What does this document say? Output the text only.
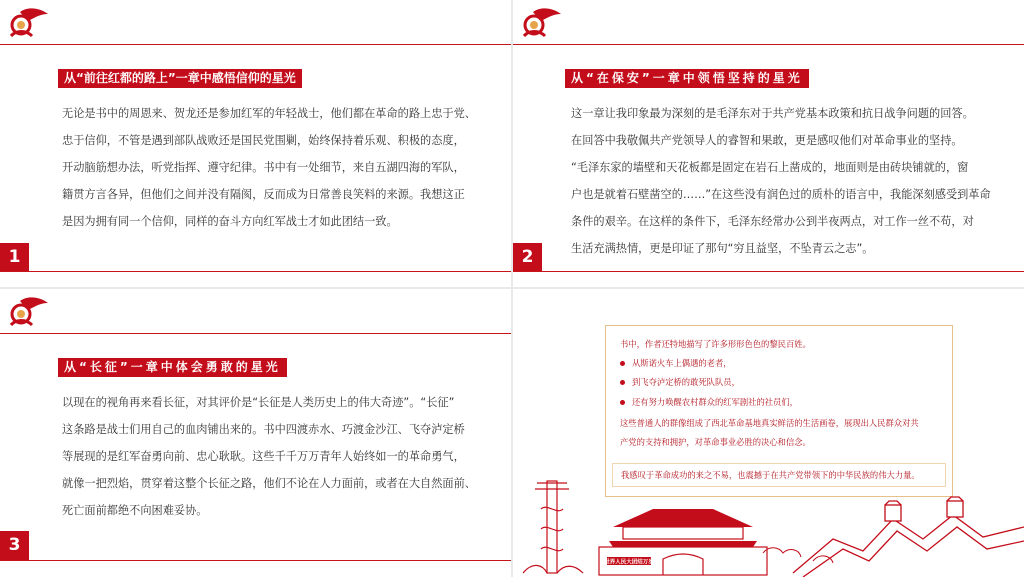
从“前往红都的路上”一章中感悟信仰的星光

无论是书中的周恩来、贺龙还是参加红军的年轻战士，他们都在革命的路上忠于党、

忠于信仰，不管是遇到部队战败还是国民党围剿，始终保持着乐观、积极的态度，

开动脑筋想办法，听党指挥、遵守纪律。书中有一处细节，来自五湖四海的军队，

籍贯方言各异，但他们之间并没有隔阂，反而成为日常善良笑料的来源。我想这正

是因为拥有同一个信仰，同样的奋斗方向红军战士才如此团结一致。

1
从“在保安”一章中领悟坚持的星光

这一章让我印象最为深刻的是毛泽东对于共产党基本政策和抗日战争问题的回答。

在回答中我敬佩共产党领导人的睿智和果敢，更是感叹他们对革命事业的坚持。

“毛泽东家的墙壁和天花板都是固定在岩石上凿成的，地面则是由砖块铺就的，窗

户也是就着石壁凿空的……”在这些没有润色过的质朴的语言中，我能深刻感受到革命

条件的艰辛。在这样的条件下，毛泽东经常办公到半夜两点，对工作一丝不苟，对

生活充满热情，更是印证了那句“穷且益坚，不坠青云之志”。

2
从“长征”一章中体会勇敢的星光

以现在的视角再来看长征，对其评价是“长征是人类历史上的伟大奇迹”。“长征”

这条路是战士们用自己的血肉铺出来的。书中四渡赤水、巧渡金沙江、飞夺泸定桥

等展现的是红军奋勇向前、忠心耿耿。这些千千万万青年人始终如一的革命勇气，

就像一把烈焰，贯穿着这整个长征之路，他们不论在人力面前，或者在大自然面前、

死亡面前都绝不向困难妥协。

3
书中，作者还特地描写了许多形形色色的黎民百姓。
从斯诺火车上偶遇的老者，
到飞夺泸定桥的敢死队队员，
还有努力唤醒农村群众的红军剧社的社员们，
这些普通人的群像组成了西北革命基地真实鲜活的生活画卷，展现出人民群众对共
产党的支持和拥护，对革命事业必胜的决心和信念。
我感叹于革命成功的来之不易，也震撼于在共产党带领下的中华民族的伟大力量。
世界人民大团结万岁
